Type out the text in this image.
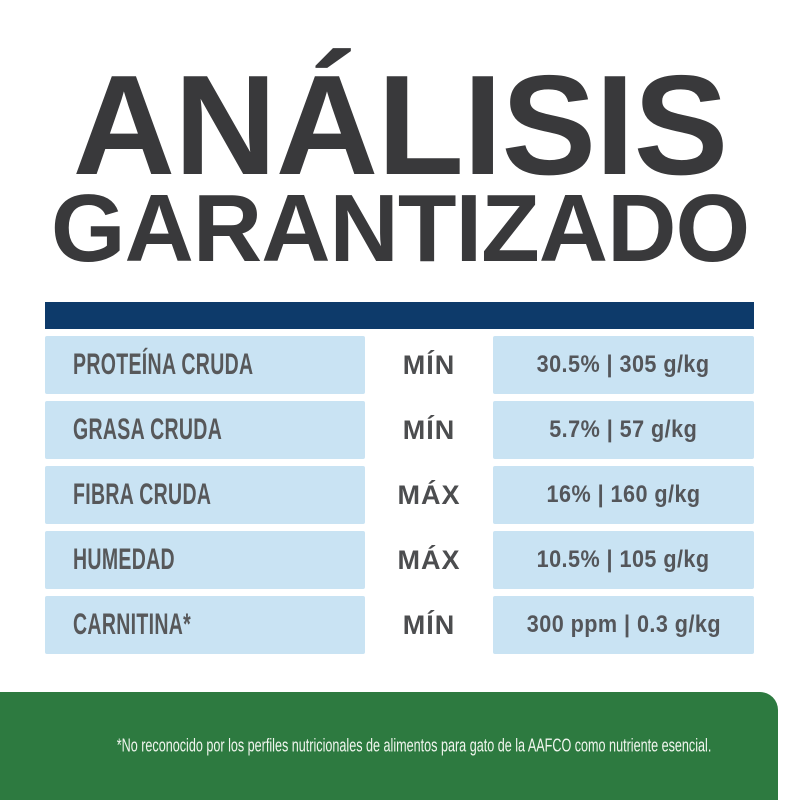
ANÁLISIS
GARANTIZADO
PROTEÍNA CRUDA	MÍN	30.5% | 305 g/kg
GRASA CRUDA	MÍN	5.7% | 57 g/kg
FIBRA CRUDA	MÁX	16% | 160 g/kg
HUMEDAD	MÁX	10.5% | 105 g/kg
CARNITINA*	MÍN	300 ppm | 0.3 g/kg
*No reconocido por los perfiles nutricionales de alimentos para gato de la AAFCO como nutriente esencial.
